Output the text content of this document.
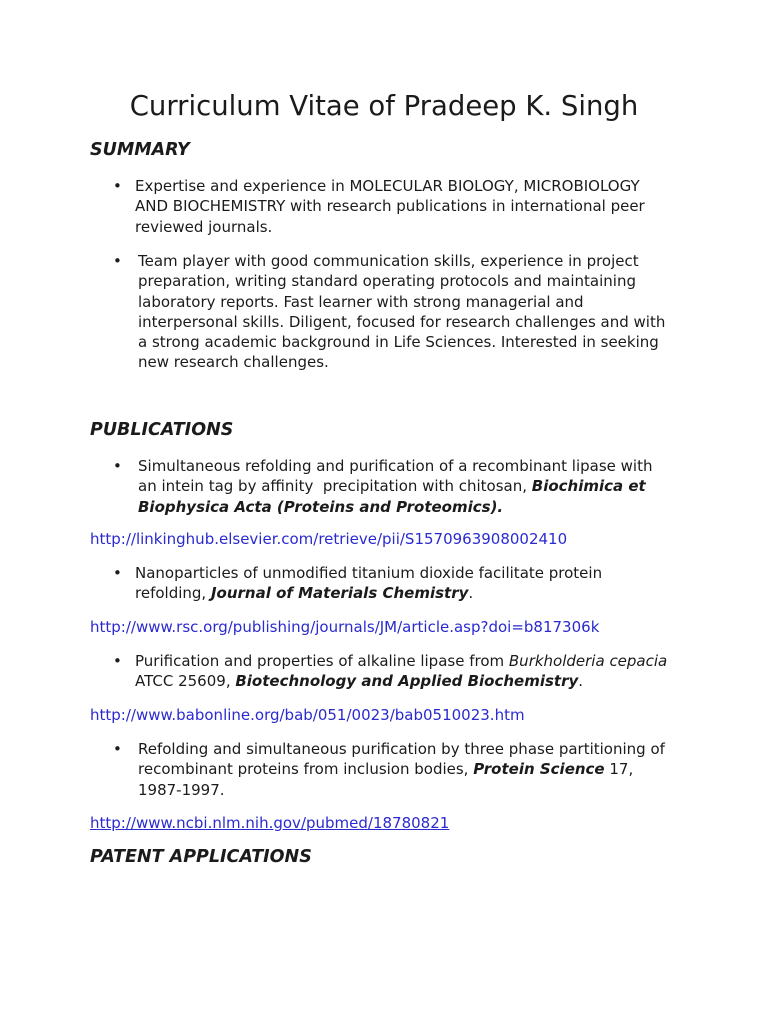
Curriculum Vitae of Pradeep K. Singh
SUMMARY
PUBLICATIONS
PATENT APPLICATIONS
•
Expertise and experience in MOLECULAR BIOLOGY, MICROBIOLOGY
AND BIOCHEMISTRY with research publications in international peer
reviewed journals.
•
Team player with good communication skills, experience in project
preparation, writing standard operating protocols and maintaining
laboratory reports. Fast learner with strong managerial and
interpersonal skills. Diligent, focused for research challenges and with
a strong academic background in Life Sciences. Interested in seeking
new research challenges.
•
Simultaneous refolding and purification of a recombinant lipase with
an intein tag by affinity  precipitation with chitosan, Biochimica et
Biophysica Acta (Proteins and Proteomics).
http://linkinghub.elsevier.com/retrieve/pii/S1570963908002410
•
Nanoparticles of unmodified titanium dioxide facilitate protein
refolding, Journal of Materials Chemistry.
http://www.rsc.org/publishing/journals/JM/article.asp?doi=b817306k
•
Purification and properties of alkaline lipase from Burkholderia cepacia
ATCC 25609, Biotechnology and Applied Biochemistry.
http://www.babonline.org/bab/051/0023/bab0510023.htm
•
Refolding and simultaneous purification by three phase partitioning of
recombinant proteins from inclusion bodies, Protein Science 17,
1987-1997.
http://www.ncbi.nlm.nih.gov/pubmed/18780821
